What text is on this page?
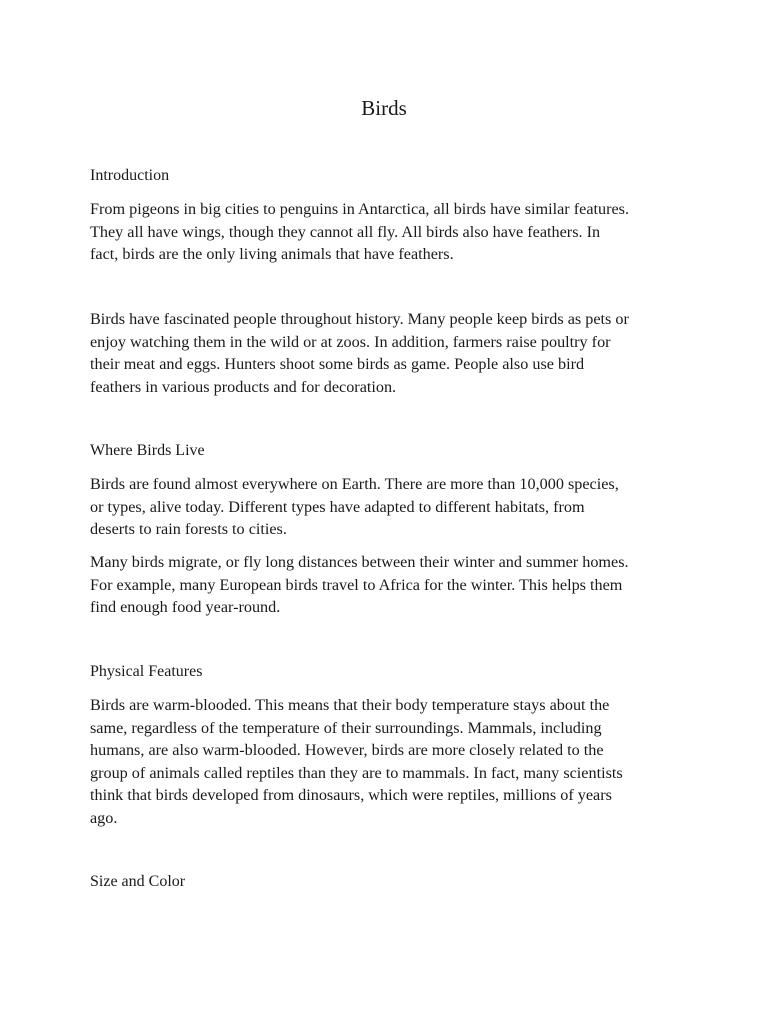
Birds
Introduction

From pigeons in big cities to penguins in Antarctica, all birds have similar features.
They all have wings, though they cannot all fly. All birds also have feathers. In
fact, birds are the only living animals that have feathers.

Birds have fascinated people throughout history. Many people keep birds as pets or
enjoy watching them in the wild or at zoos. In addition, farmers raise poultry for
their meat and eggs. Hunters shoot some birds as game. People also use bird
feathers in various products and for decoration.

Where Birds Live

Birds are found almost everywhere on Earth. There are more than 10,000 species,
or types, alive today. Different types have adapted to different habitats, from
deserts to rain forests to cities.

Many birds migrate, or fly long distances between their winter and summer homes.
For example, many European birds travel to Africa for the winter. This helps them
find enough food year-round.

Physical Features

Birds are warm-blooded. This means that their body temperature stays about the
same, regardless of the temperature of their surroundings. Mammals, including
humans, are also warm-blooded. However, birds are more closely related to the
group of animals called reptiles than they are to mammals. In fact, many scientists
think that birds developed from dinosaurs, which were reptiles, millions of years
ago.

Size and Color
